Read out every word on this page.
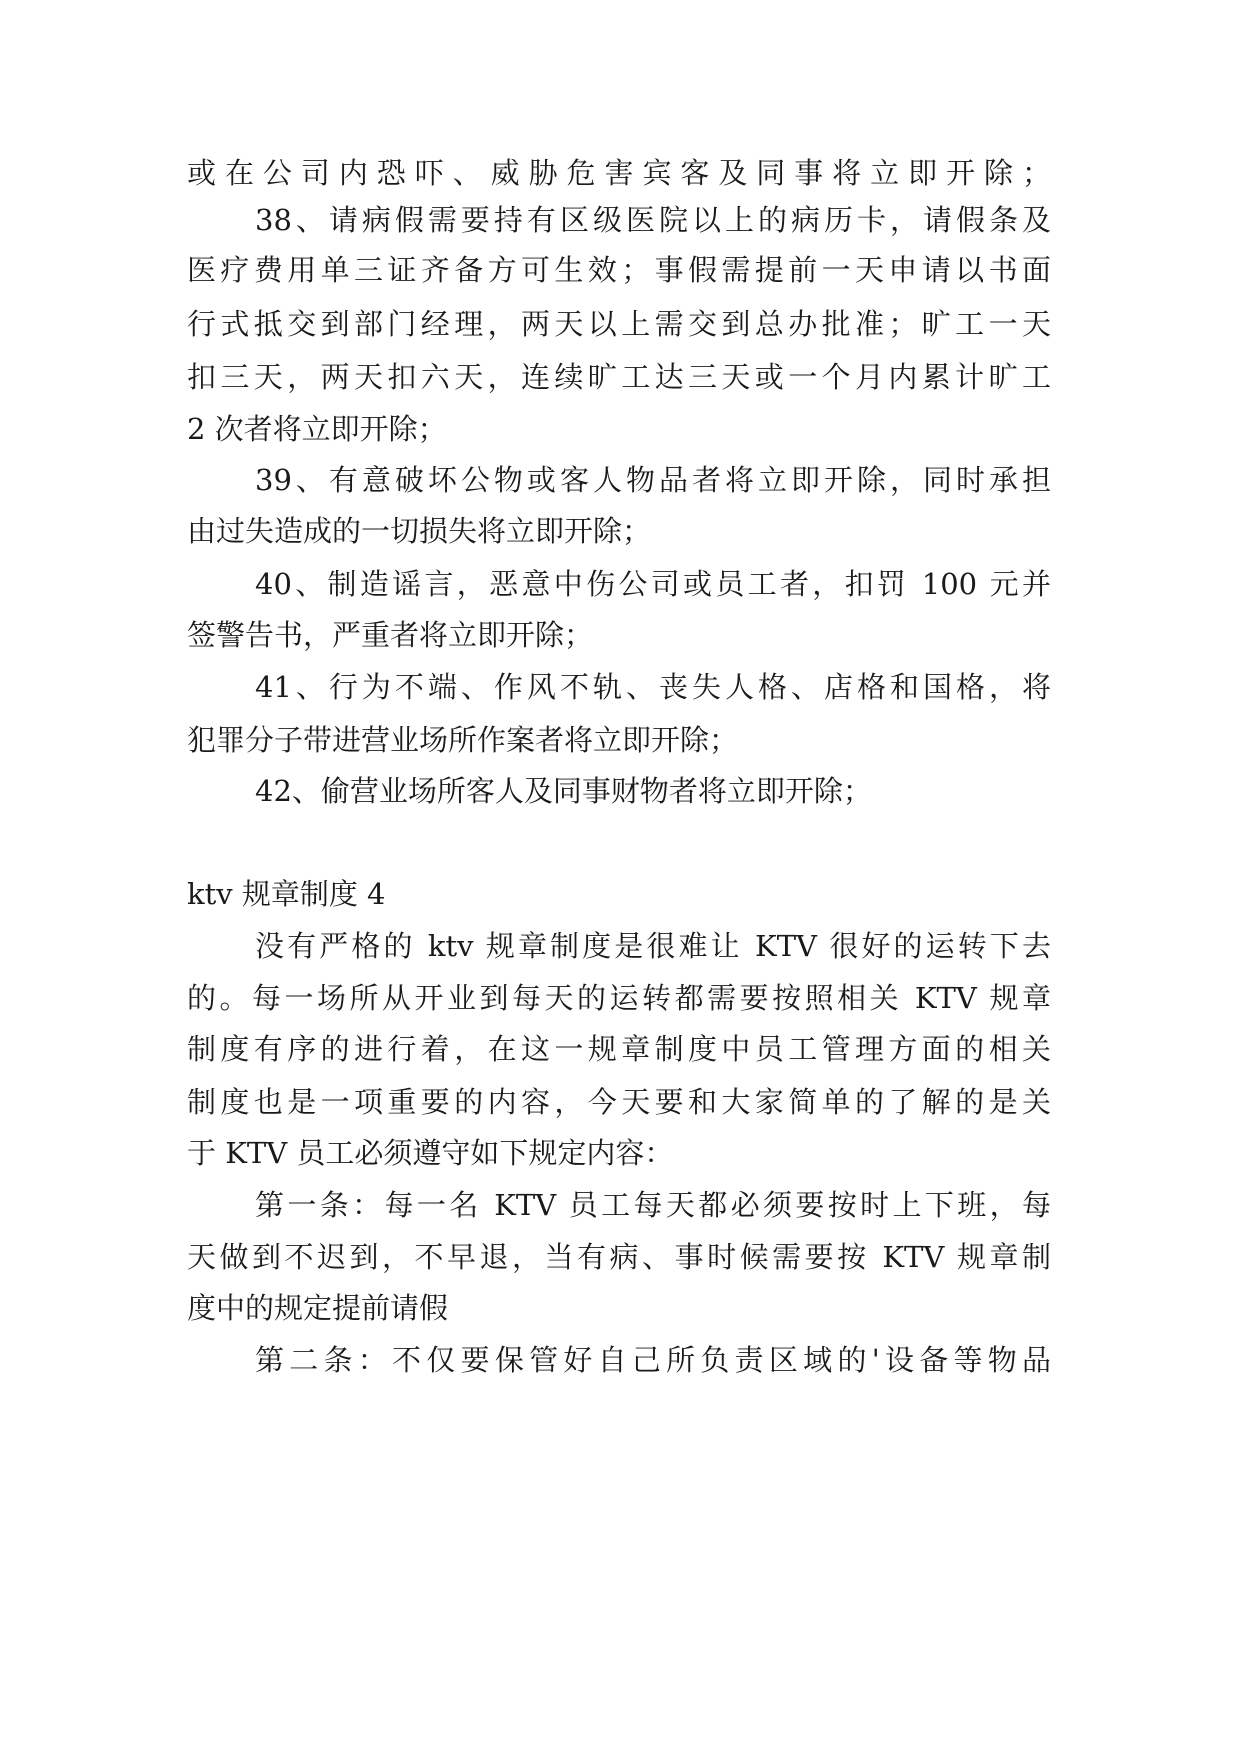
或在公司内恐吓、威胁危害宾客及同事将立即开除；
38、请病假需要持有区级医院以上的病历卡，请假条及
医疗费用单三证齐备方可生效；事假需提前一天申请以书面
行式抵交到部门经理，两天以上需交到总办批准；旷工一天
扣三天，两天扣六天，连续旷工达三天或一个月内累计旷工
2 次者将立即开除；
39、有意破坏公物或客人物品者将立即开除，同时承担
由过失造成的一切损失将立即开除；
40、制造谣言，恶意中伤公司或员工者，扣罚 100 元并
签警告书，严重者将立即开除；
41、行为不端、作风不轨、丧失人格、店格和国格，将
犯罪分子带进营业场所作案者将立即开除；
42、偷营业场所客人及同事财物者将立即开除；
ktv 规章制度 4
没有严格的 ktv 规章制度是很难让 KTV 很好的运转下去
的。每一场所从开业到每天的运转都需要按照相关 KTV 规章
制度有序的进行着，在这一规章制度中员工管理方面的相关
制度也是一项重要的内容，今天要和大家简单的了解的是关
于 KTV 员工必须遵守如下规定内容：
第一条：每一名 KTV 员工每天都必须要按时上下班，每
天做到不迟到，不早退，当有病、事时候需要按 KTV 规章制
度中的规定提前请假
第二条：不仅要保管好自己所负责区域的'设备等物品
